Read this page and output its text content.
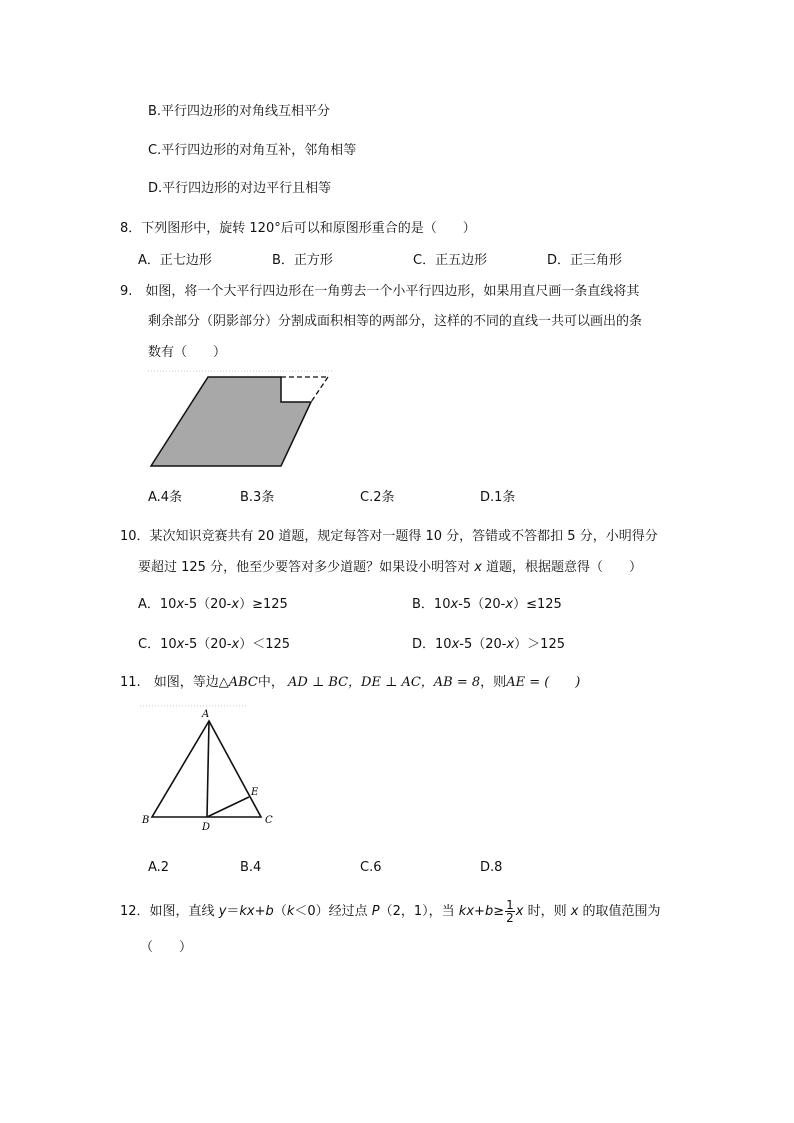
B.平行四边形的对角线互相平分
C.平行四边形的对角互补，邻角相等
D.平行四边形的对边平行且相等
8．下列图形中，旋转 120°后可以和原图形重合的是（　　）
A．正七边形	B．正方形	C．正五边形	D．正三角形
9.　如图，将一个大平行四边形在一角剪去一个小平行四边形，如果用直尺画一条直线将其
剩余部分（阴影部分）分割成面积相等的两部分，这样的不同的直线一共可以画出的条
数有（　　）
A.4条	B.3条	C.2条	D.1条
10．某次知识竞赛共有 20 道题，规定每答对一题得 10 分，答错或不答都扣 5 分，小明得分
要超过 125 分，他至少要答对多少道题？如果设小明答对 x 道题，根据题意得（　　）
A．10x-5（20-x）≥125	B．10x-5（20-x）≤125
C．10x-5（20-x）＜125	D．10x-5（20-x）＞125
11.　 如图，等边△ABC中， AD ⊥ BC，DE ⊥ AC，AB = 8，则AE = (　　)
A
B	C
D
E
A.2	B.4	C.6	D.8
12．如图，直线 y＝kx+b（k＜0）经过点 P（2，1），当 $kx+b\ge \frac{1}{2}$ x 时，则 x 的取值范围为
（　　）
